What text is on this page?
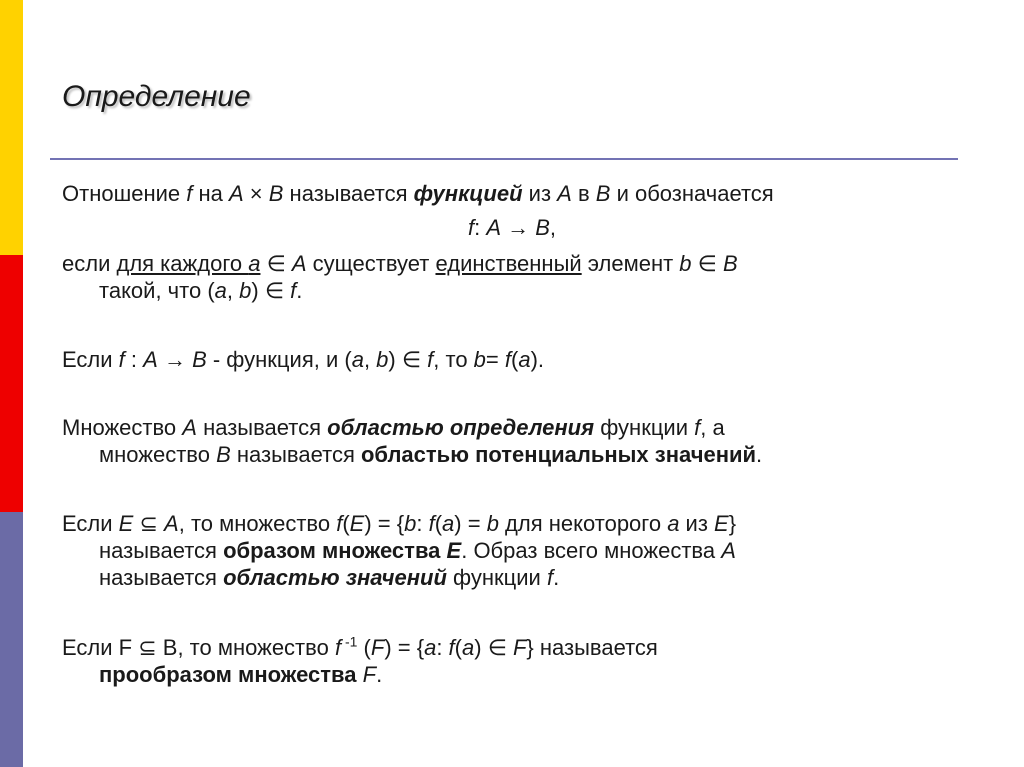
Определение

Отношение f на A × B называется функцией из A в B и обозначается

f: A → B,

если для каждого a ∈ A существует единственный элемент b ∈ B
такой, что (a, b) ∈ f.

Если f : A → B - функция, и (a, b) ∈ f, то b= f(a).

Множество A называется областью определения функции f, а
множество B называется областью потенциальных значений.

Если E ⊆ A, то множество f(E) = {b: f(a) = b для некоторого a из E}
называется образом множества E. Образ всего множества A
называется областью значений функции f.

Если F ⊆ B, то множество f $^{-1}$ (F) = {a: f(a) ∈ F} называется
прообразом множества F.
